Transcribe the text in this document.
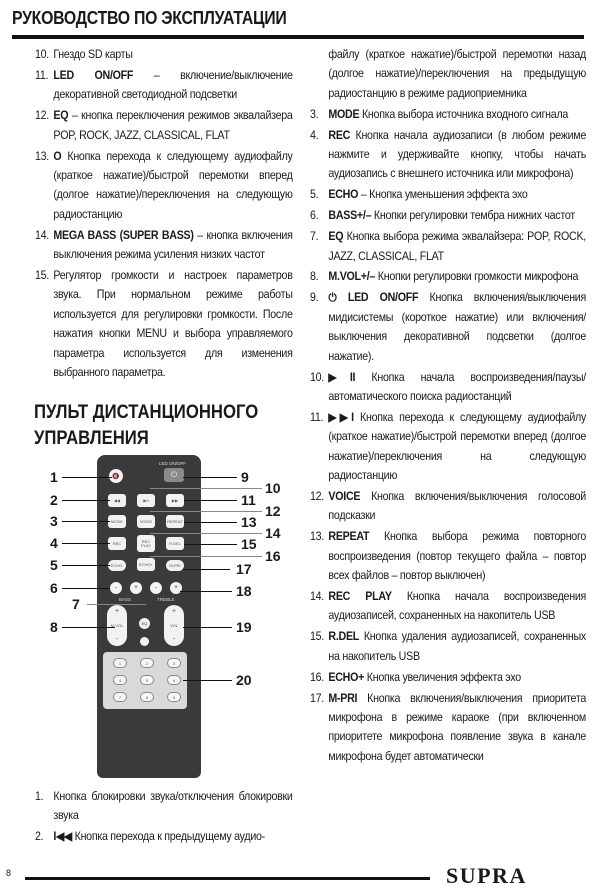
РУКОВОДСТВО ПО ЭКСПЛУАТАЦИИ
10. Гнездо SD карты
11. LED ON/OFF – включение/выключение декоративной светодиодной подсветки
12. EQ – кнопка переключения режимов эквалайзера POP, ROCK, JAZZ, CLASSICAL, FLAT
13. O Кнопка перехода к следующему аудиофайлу (краткое нажатие)/быстрой перемотки вперед (долгое нажатие)/переключения на следующую радиостанцию
14. MEGA BASS (SUPER BASS) – кнопка включения выключения режима усиления низких частот
15. Регулятор громкости и настроек параметров звука. При нормальном режиме работы используется для регулировки громкости. После нажатия кнопки MENU и выбора управляемого параметра используется для изменения выбранного параметра.
ПУЛЬТ ДИСТАНЦИОННОГО УПРАВЛЕНИЯ
🔇
LED ON/OFF
⏻
◀◀	▶II	▶▶
MODE	VOICE	REPEAT
REC	REC PLAY	R.DEL
ECHO-	ECHO+	M-PRI
-	+	-	+
BASS	TREBLE
+
M.VOL
-
EQ
+
VOL
-
1	2	3
4	5	6
7	8	9
1
2
3
4
5
6
7
8
9
10
11
12
13
14
15
16
17
18
19
20
1. Кнопка блокировки звука/отключения блокировки звука
2. I◀◀ Кнопка перехода к предыдущему аудио-
файлу (краткое нажатие)/быстрой перемотки назад (долгое нажатие)/переключения на предыдущую радиостанцию в режиме радиоприемника
3. MODE Кнопка выбора источника входного сигнала
4. REC Кнопка начала аудиозаписи (в любом режиме нажмите и удерживайте кнопку, чтобы начать аудиозапись с внешнего источника или микрофона)
5. ECHO – Кнопка уменьшения эффекта эхо
6. BASS+/– Кнопки регулировки тембра нижних частот
7. EQ Кнопка выбора режима эквалайзера: POP, ROCK, JAZZ, CLASSICAL, FLAT
8. M.VOL+/– Кнопки регулировки громкости микрофона
9. ⏻ LED ON/OFF Кнопка включения/выключения мидисистемы (короткое нажатие) или включения/выключения декоративной подсветки (долгое нажатие).
10. ▶II Кнопка начала воспроизведения/паузы/автоматического поиска радиостанций
11. ▶▶I Кнопка перехода к следующему аудиофайлу (краткое нажатие)/быстрой перемотки вперед (долгое нажатие)/переключения на следующую радиостанцию
12. VOICE Кнопка включения/выключения голосовой подсказки
13. REPEAT Кнопка выбора режима повторного воспроизведения (повтор текущего файла – повтор всех файлов – повтор выключен)
14. REC PLAY Кнопка начала воспроизведения аудиозаписей, сохраненных на накопитель USB
15. R.DEL Кнопка удаления аудиозаписей, сохраненных на накопитель USB
16. ECHO+ Кнопка увеличения эффекта эхо
17. M-PRI Кнопка включения/выключения приоритета микрофона в режиме караоке (при включенном приоритете микрофона появление звука в канале микрофона будет автоматически
8	SUPRA
